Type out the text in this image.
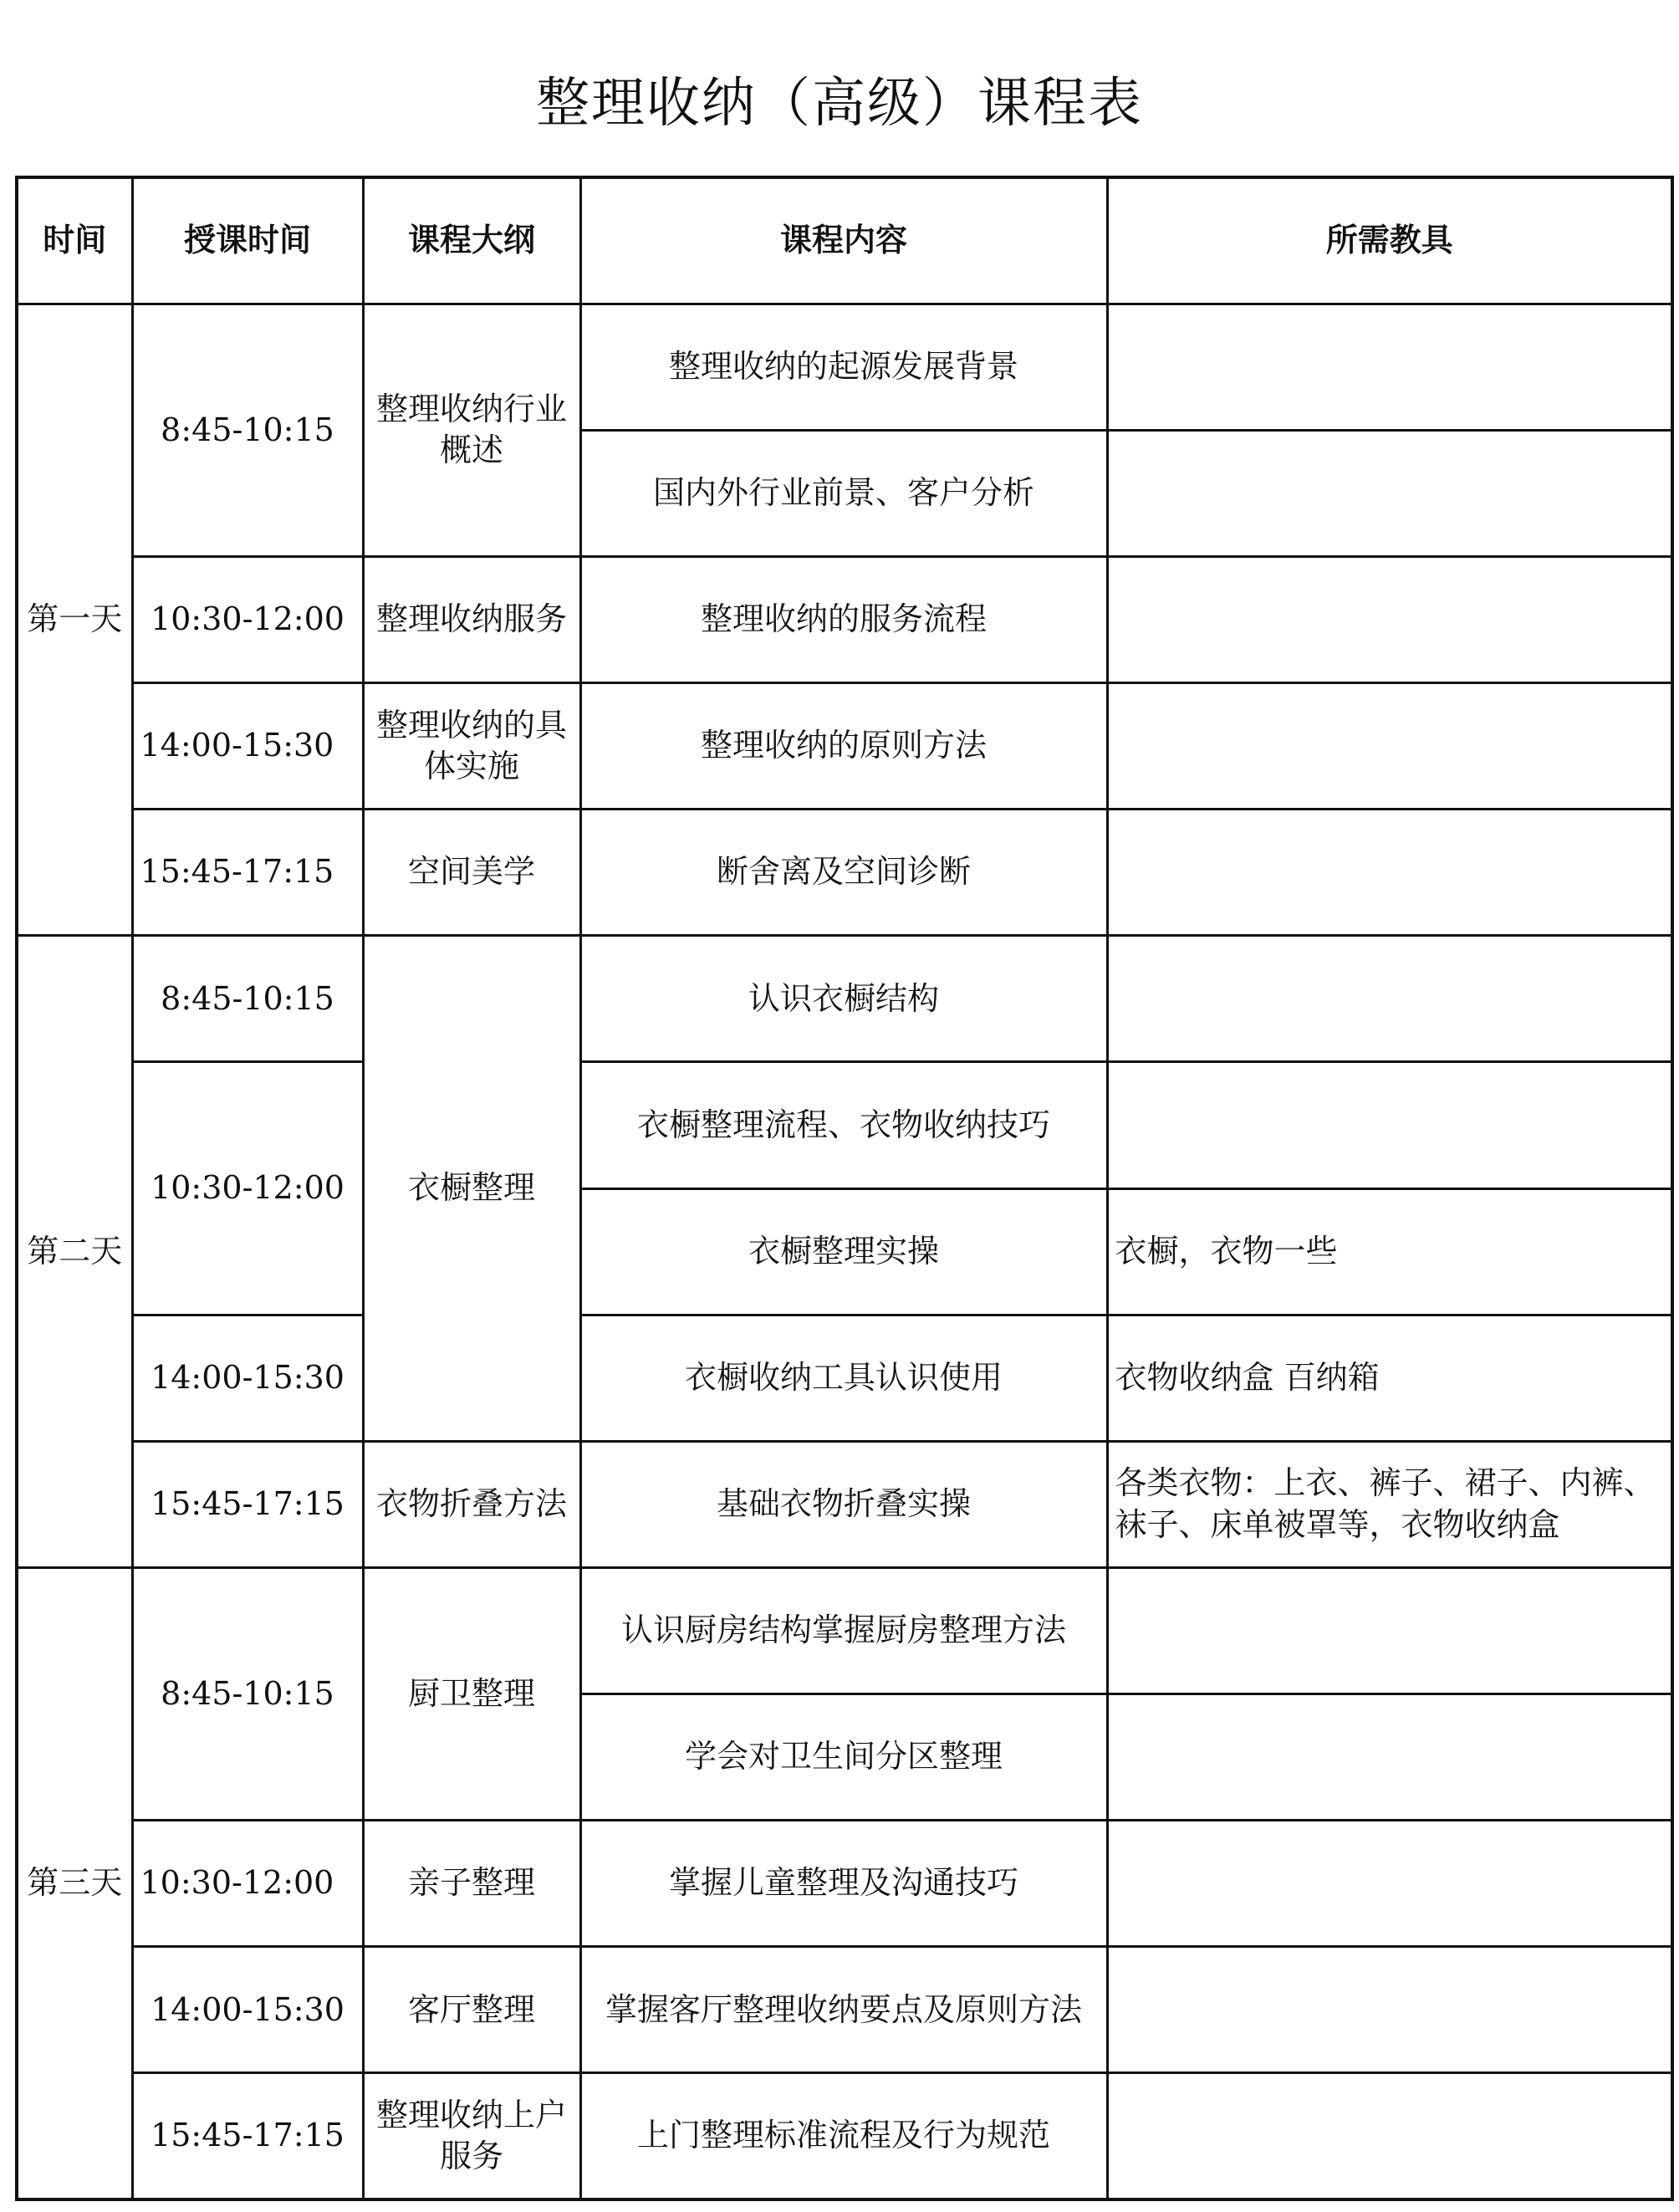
整理收纳（高级）课程表
时间	授课时间	课程大纲	课程内容	所需教具
第一天	8:45-10:15	整理收纳行业概述	整理收纳的起源发展背景	
			国内外行业前景、客户分析	
	10:30-12:00	整理收纳服务	整理收纳的服务流程	
	14:00-15:30	整理收纳的具体实施	整理收纳的原则方法	
	15:45-17:15	空间美学	断舍离及空间诊断	
第二天	8:45-10:15	衣橱整理	认识衣橱结构	
	10:30-12:00		衣橱整理流程、衣物收纳技巧	
			衣橱整理实操	衣橱，衣物一些
	14:00-15:30		衣橱收纳工具认识使用	衣物收纳盒 百纳箱
	15:45-17:15	衣物折叠方法	基础衣物折叠实操	各类衣物：上衣、裤子、裙子、内裤、袜子、床单被罩等，衣物收纳盒
第三天	8:45-10:15	厨卫整理	认识厨房结构掌握厨房整理方法	
			学会对卫生间分区整理	
	10:30-12:00	亲子整理	掌握儿童整理及沟通技巧	
	14:00-15:30	客厅整理	掌握客厅整理收纳要点及原则方法	
	15:45-17:15	整理收纳上户服务	上门整理标准流程及行为规范	
